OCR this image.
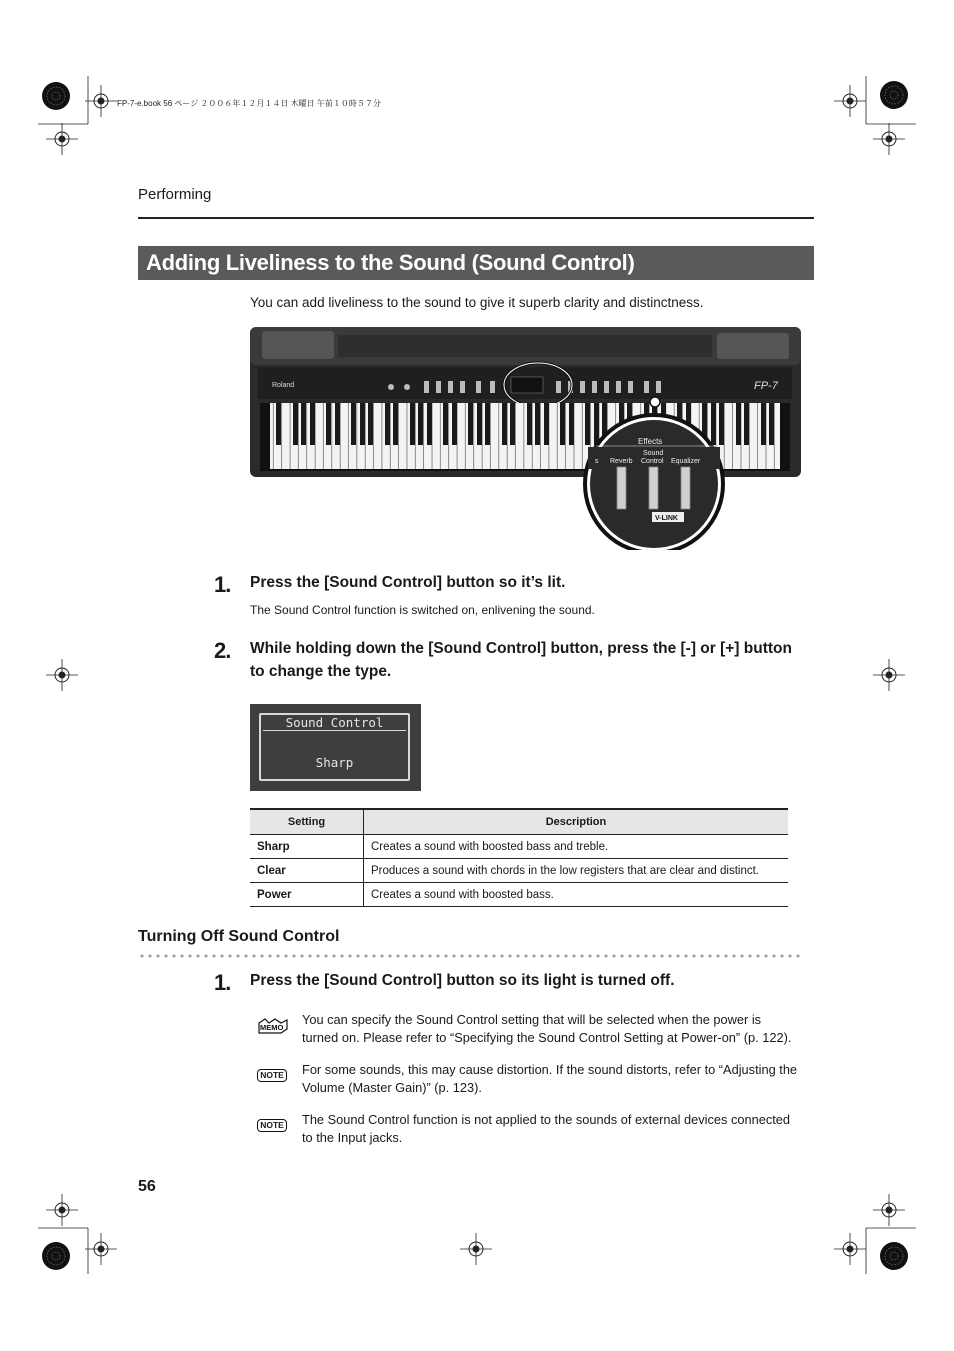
FP-7-e.book 56 ページ ２００６年１２月１４日 木曜日 午前１０時５７分
Performing
Adding Liveliness to the Sound (Sound Control)
You can add liveliness to the sound to give it superb clarity and distinctness.
Roland	FP-7
Effects
s Reverb
Sound
Control Equalizer
V-LINK
1. Press the [Sound Control] button so it’s lit.
The Sound Control function is switched on, enlivening the sound.
2. While holding down the [Sound Control] button, press the [-] or [+] button
to change the type.
Sound Control
Sharp
Setting	Description
Sharp	Creates a sound with boosted bass and treble.
Clear	Produces a sound with chords in the low registers that are clear and distinct.
Power	Creates a sound with boosted bass.
Turning Off Sound Control
1. Press the [Sound Control] button so its light is turned off.
MEMO
You can specify the Sound Control setting that will be selected when the power is
turned on. Please refer to “Specifying the Sound Control Setting at Power-on” (p. 122).
NOTE For some sounds, this may cause distortion. If the sound distorts, refer to “Adjusting the
Volume (Master Gain)” (p. 123).
NOTE The Sound Control function is not applied to the sounds of external devices connected
to the Input jacks.
56
